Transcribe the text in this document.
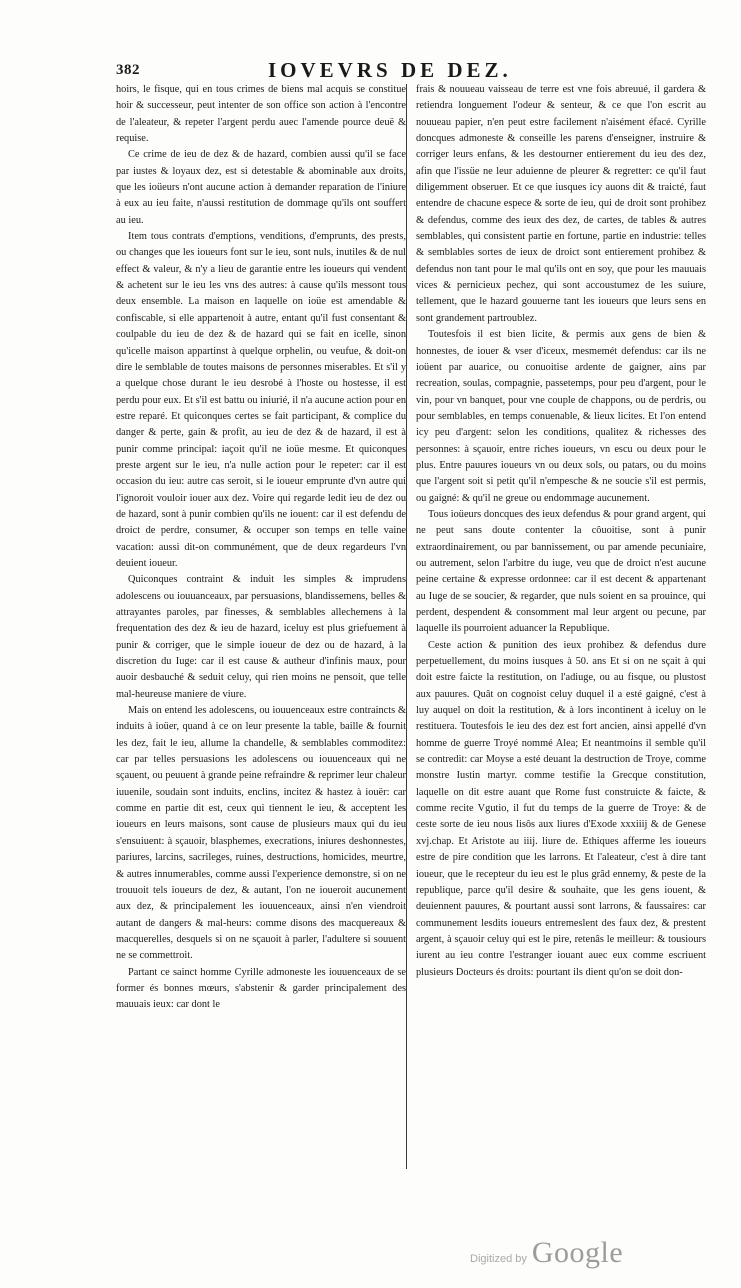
382	IOVEVRS DE DEZ.

hoirs, le fisque, qui en tous crimes de biens mal acquis se constitue hoir & successeur, peut intenter de son office son action à l'encontre de l'aleateur, & repeter l'argent perdu auec l'amende pource deuë & requise.

Ce crime de ieu de dez & de hazard, combien aussi qu'il se face par iustes & loyaux dez, est si detestable & abominable aux droits, que les ioüeurs n'ont aucune action à demander reparation de l'iniure à eux au ieu faite, n'aussi restitution de dommage qu'ils ont souffert au ieu.

Item tous contrats d'emptions, venditions, d'emprunts, des prests, ou changes que les ioueurs font sur le ieu, sont nuls, inutiles & de nul effect & valeur, & n'y a lieu de garantie entre les ioueurs qui vendent & achetent sur le ieu les vns des autres: à cause qu'ils messont tous deux ensemble. La maison en laquelle on ioüe est amendable & confiscable, si elle appartenoit à autre, entant qu'il fust consentant & coulpable du ieu de dez & de hazard qui se fait en icelle, sinon qu'icelle maison appartinst à quelque orphelin, ou veufue, & doit-on dire le semblable de toutes maisons de personnes miserables. Et s'il y a quelque chose durant le ieu desrobé à l'hoste ou hostesse, il est perdu pour eux. Et s'il est battu ou iniurié, il n'a aucune action pour en estre reparé. Et quiconques certes se fait participant, & complice du danger & perte, gain & profit, au ieu de dez & de hazard, il est à punir comme principal: iaçoit qu'il ne ioüe mesme. Et quiconques preste argent sur le ieu, n'a nulle action pour le repeter: car il est occasion du ieu: autre cas seroit, si le ioueur emprunte d'vn autre qui l'ignoroit vouloir iouer aux dez. Voire qui regarde ledit ieu de dez ou de hazard, sont à punir combien qu'ils ne iouent: car il est defendu de droict de perdre, consumer, & occuper son temps en telle vaine vacation: aussi dit-on communément, que de deux regardeurs l'vn deuient ioueur.

Quiconques contraint & induit les simples & imprudens adolescens ou iouuanceaux, par persuasions, blandissemens, belles & attrayantes paroles, par finesses, & semblables allechemens à la frequentation des dez & ieu de hazard, iceluy est plus griefuement à punir & corriger, que le simple ioueur de dez ou de hazard, à la discretion du Iuge: car il est cause & autheur d'infinis maux, pour auoir desbauché & seduit celuy, qui rien moins ne pensoit, que telle mal-heureuse maniere de viure.

Mais on entend les adolescens, ou iouuenceaux estre contraincts & induits à ioüer, quand à ce on leur presente la table, baille & fournit les dez, fait le ieu, allume la chandelle, & semblables commoditez: car par telles persuasions les adolescens ou iouuenceaux qui ne sçauent, ou peuuent à grande peine refraindre & reprimer leur chaleur iuuenile, soudain sont induits, enclins, incitez & hastez à iouër: car comme en partie dit est, ceux qui tiennent le ieu, & acceptent les ioueurs en leurs maisons, sont cause de plusieurs maux qui du ieu s'ensuiuent: à sçauoir, blasphemes, execrations, iniures deshonnestes, pariures, larcins, sacrileges, ruines, destructions, homicides, meurtre, & autres innumerables, comme aussi l'experience demonstre, si on ne trouuoit tels ioueurs de dez, & autant, l'on ne ioueroit aucunement aux dez, & principalement les iouuenceaux, ainsi n'en viendroit autant de dangers & mal-heurs: comme disons des macquereaux & macquerelles, desquels si on ne sçauoit à parler, l'adultere si souuent ne se commettroit.

Partant ce sainct homme Cyrille admoneste les iouuenceaux de se former és bonnes mœurs, s'abstenir & garder principalement des mauuais ieux: car dont le

frais & nouueau vaisseau de terre est vne fois abreuué, il gardera & retiendra longuement l'odeur & senteur, & ce que l'on escrit au nouueau papier, n'en peut estre facilement n'aisément éfacé. Cyrille doncques admoneste & conseille les parens d'enseigner, instruire & corriger leurs enfans, & les destourner entierement du ieu des dez, afin que l'issüe ne leur aduienne de pleurer & regretter: ce qu'il faut diligemment obseruer. Et ce que iusques icy auons dit & traicté, faut entendre de chacune espece & sorte de ieu, qui de droit sont prohibez & defendus, comme des ieux des dez, de cartes, de tables & autres semblables, qui consistent partie en fortune, partie en industrie: telles & semblables sortes de ieux de droict sont entierement prohibez & defendus non tant pour le mal qu'ils ont en soy, que pour les mauuais vices & pernicieux pechez, qui sont accoustumez de les suiure, tellement, que le hazard gouuerne tant les ioueurs que leurs sens en sont grandement partroublez.

Toutesfois il est bien licite, & permis aux gens de bien & honnestes, de iouer & vser d'iceux, mesmemét defendus: car ils ne ioüent par auarice, ou conuoitise ardente de gaigner, ains par recreation, soulas, compagnie, passetemps, pour peu d'argent, pour le vin, pour vn banquet, pour vne couple de chappons, ou de perdris, ou pour semblables, en temps conuenable, & lieux licites. Et l'on entend icy peu d'argent: selon les conditions, qualitez & richesses des personnes: à sçauoir, entre riches ioueurs, vn escu ou deux pour le plus. Entre pauures ioueurs vn ou deux sols, ou patars, ou du moins que l'argent soit si petit qu'il n'empesche & ne soucie s'il est permis, ou gaigné: & qu'il ne greue ou endommage aucunement.

Tous ioüeurs doncques des ieux defendus & pour grand argent, qui ne peut sans doute contenter la côuoitise, sont à punir extraordinairement, ou par bannissement, ou par amende pecuniaire, ou autrement, selon l'arbitre du iuge, veu que de droict n'est aucune peine certaine & expresse ordonnee: car il est decent & appartenant au Iuge de se soucier, & regarder, que nuls soient en sa prouince, qui perdent, despendent & consomment mal leur argent ou pecune, par laquelle ils pourroient aduancer la Republique.

Ceste action & punition des ieux prohibez & defendus dure perpetuellement, du moins iusques à 50. ans Et si on ne sçait à qui doit estre faicte la restitution, on l'adiuge, ou au fisque, ou plustost aux pauures. Quât on cognoist celuy duquel il a esté gaigné, c'est à luy auquel on doit la restitution, & à lors incontinent à iceluy on le restituera. Toutesfois le ieu des dez est fort ancien, ainsi appellé d'vn homme de guerre Troyé nommé Alea; Et neantmoins il semble qu'il se contredit: car Moyse a esté deuant la destruction de Troye, comme monstre Iustin martyr. comme testifie la Grecque constitution, laquelle on dit estre auant que Rome fust construicte & faicte, & comme recite Vgutio, il fut du temps de la guerre de Troye: & de ceste sorte de ieu nous lisôs aux liures d'Exode xxxiiij & de Genese xvj.chap. Et Aristote au iiij. liure de. Ethiques afferme les ioueurs estre de pire condition que les larrons. Et l'aleateur, c'est à dire tant ioueur, que le recepteur du ieu est le plus grâd ennemy, & peste de la republique, parce qu'il desire & souhaite, que les gens iouent, & deuiennent pauures, & pourtant aussi sont larrons, & faussaires: car communement lesdits ioueurs entremeslent des faux dez, & prestent argent, à sçauoir celuy qui est le pire, retenâs le meilleur: & tousiours iurent au ieu contre l'estranger iouant auec eux comme escriuent plusieurs Docteurs és droits: pourtant ils dient qu'on se doit don-

Digitized by Google
